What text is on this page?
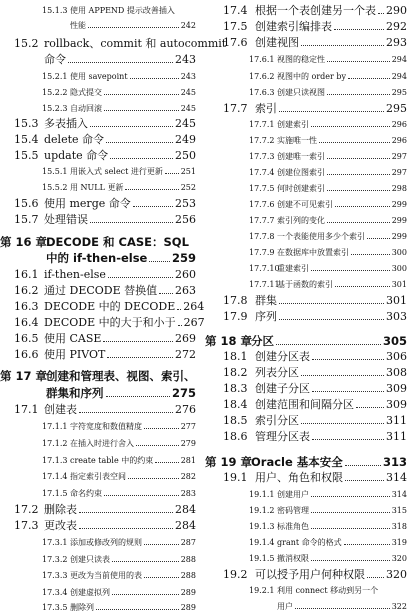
15.1.3 使用 APPEND 提示改善插入
性能	242
15.2 rollback、commit 和 autocommit
命令	243
15.2.1 使用 savepoint	243
15.2.2 隐式提交	245
15.2.3 自动回滚	245
15.3 多表插入	245
15.4 delete 命令	249
15.5 update 命令	250
15.5.1 用嵌入式 select 进行更新 251
15.5.2 用 NULL 更新	252
15.6 使用 merge 命令	253
15.7 处理错误	256
第 16 章
DECODE 和 CASE：SQL
中的 if-then-else 259
16.1 if-then-else	260
16.2 通过 DECODE 替换值 263
16.3 DECODE 中的 DECODE 264
16.4 DECODE 中的大于和小于 267
16.5 使用 CASE	269
16.6 使用 PIVOT	272
第 17 章
创建和管理表、视图、索引、
群集和序列	275
17.1 创建表	276
17.1.1 字符宽度和数值精度	277
17.1.2 在插入时进行舍入	279
17.1.3 create table 中的约束	281
17.1.4 指定索引表空间	282
17.1.5 命名约束	283
17.2 删除表	284
17.3 更改表	284
17.3.1 添加或修改列的规则	287
17.3.2 创建只读表	288
17.3.3 更改为当前使用的表	288
17.3.4 创建虚拟列	289
17.3.5 删除列	289
17.4 根据一个表创建另一个表 290
17.5 创建索引编排表	292
17.6 创建视图	293
17.6.1 视图的稳定性	294
17.6.2 视图中的 order by	294
17.6.3 创建只读视图	295
17.7 索引	295
17.7.1 创建索引	296
17.7.2 实施唯一性	296
17.7.3 创建唯一索引	297
17.7.4 创建位图索引	297
17.7.5 何时创建索引	298
17.7.6 创建不可见索引	299
17.7.7 索引列的变化	299
17.7.8 一个表能使用多少个索引	299
17.7.9 在数据库中放置索引	300
17.7.10
重建索引	300
17.7.11
基于函数的索引	301
17.8 群集	301
17.9 序列	303
第 18 章
分区	305
18.1 创建分区表	306
18.2 列表分区	308
18.3 创建子分区	309
18.4 创建范围和间隔分区	309
18.5 索引分区	311
18.6 管理分区表	311
第 19 章
Oracle 基本安全	313
19.1 用户、角色和权限	314
19.1.1 创建用户	314
19.1.2 密码管理	315
19.1.3 标准角色	318
19.1.4 grant 命令的格式	319
19.1.5 撤消权限	320
19.2 可以授予用户何种权限 320
19.2.1 利用 connect 移动到另一个
用户	322
